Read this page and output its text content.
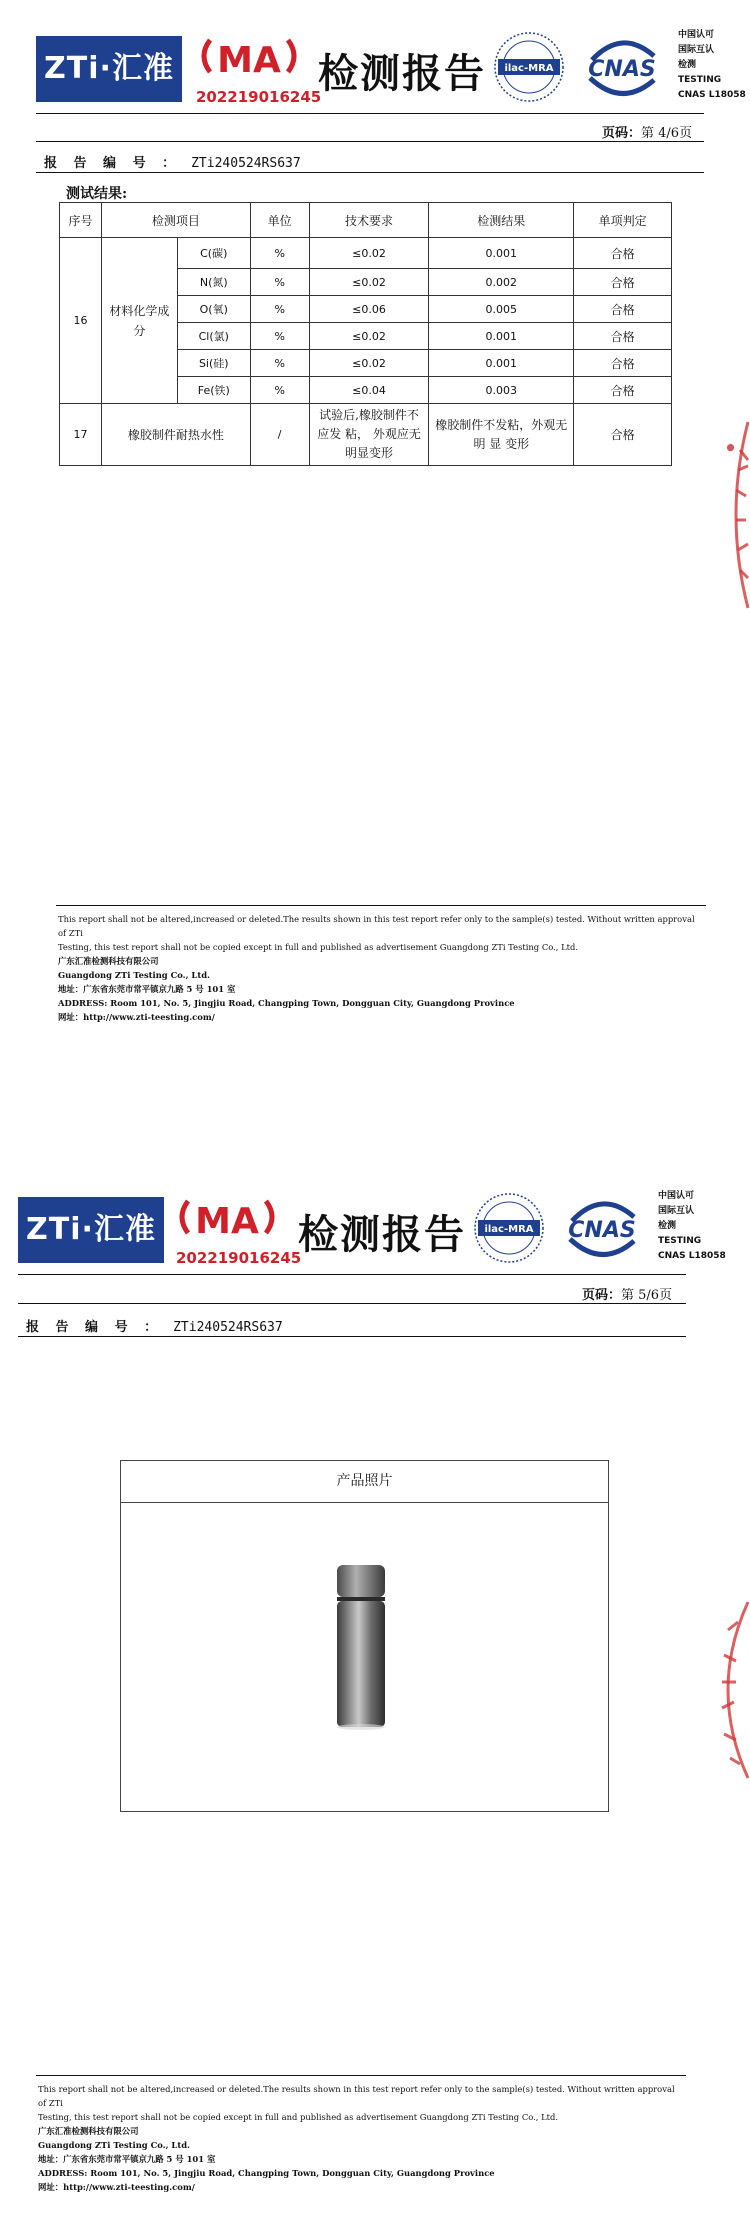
ZTi·汇准 MA
202219016245
检测报告 ilac-MRA CNAS
中国认可
国际互认
检测
TESTING
CNAS L18058
页码：第 4/6页
报 告 编 号 ： ZTi240524RS637
测试结果:
序号	检测项目		单位	技术要求	检测结果	单项判定
16	材料化学成分	C(碳)	%	≤0.02	0.001	合格
		N(氮)	%	≤0.02	0.002	合格
		O(氧)	%	≤0.06	0.005	合格
		Cl(氯)	%	≤0.02	0.001	合格
		Si(硅)	%	≤0.02	0.001	合格
		Fe(铁)	%	≤0.04	0.003	合格
17	橡胶制件耐热水性		/	试验后,橡胶制件不应发 粘， 外观应无明显变形	橡胶制件不发粘，外观无明 显 变形	合格	∙
This report shall not be altered,increased or deleted.The results shown in this test report refer only to the sample(s) tested. Without written approval of ZTi
Testing, this test report shall not be copied except in full and published as advertisement Guangdong ZTi Testing Co., Ltd.
广东汇准检测科技有限公司
Guangdong ZTi Testing Co., Ltd.
地址：广东省东莞市常平镇京九路 5 号 101 室
ADDRESS: Room 101, No. 5, Jingjiu Road, Changping Town, Dongguan City, Guangdong Province
网址：http://www.zti-teesting.com/
ZTi·汇准 MA
202219016245
检测报告 ilac-MRA CNAS
中国认可
国际互认
检测
TESTING
CNAS L18058
页码：第 5/6页
报 告 编 号 ： ZTi240524RS637
产品照片
This report shall not be altered,increased or deleted.The results shown in this test report refer only to the sample(s) tested. Without written approval of ZTi
Testing, this test report shall not be copied except in full and published as advertisement Guangdong ZTi Testing Co., Ltd.
广东汇准检测科技有限公司
Guangdong ZTi Testing Co., Ltd.
地址：广东省东莞市常平镇京九路 5 号 101 室
ADDRESS: Room 101, No. 5, Jingjiu Road, Changping Town, Dongguan City, Guangdong Province
网址：http://www.zti-teesting.com/
